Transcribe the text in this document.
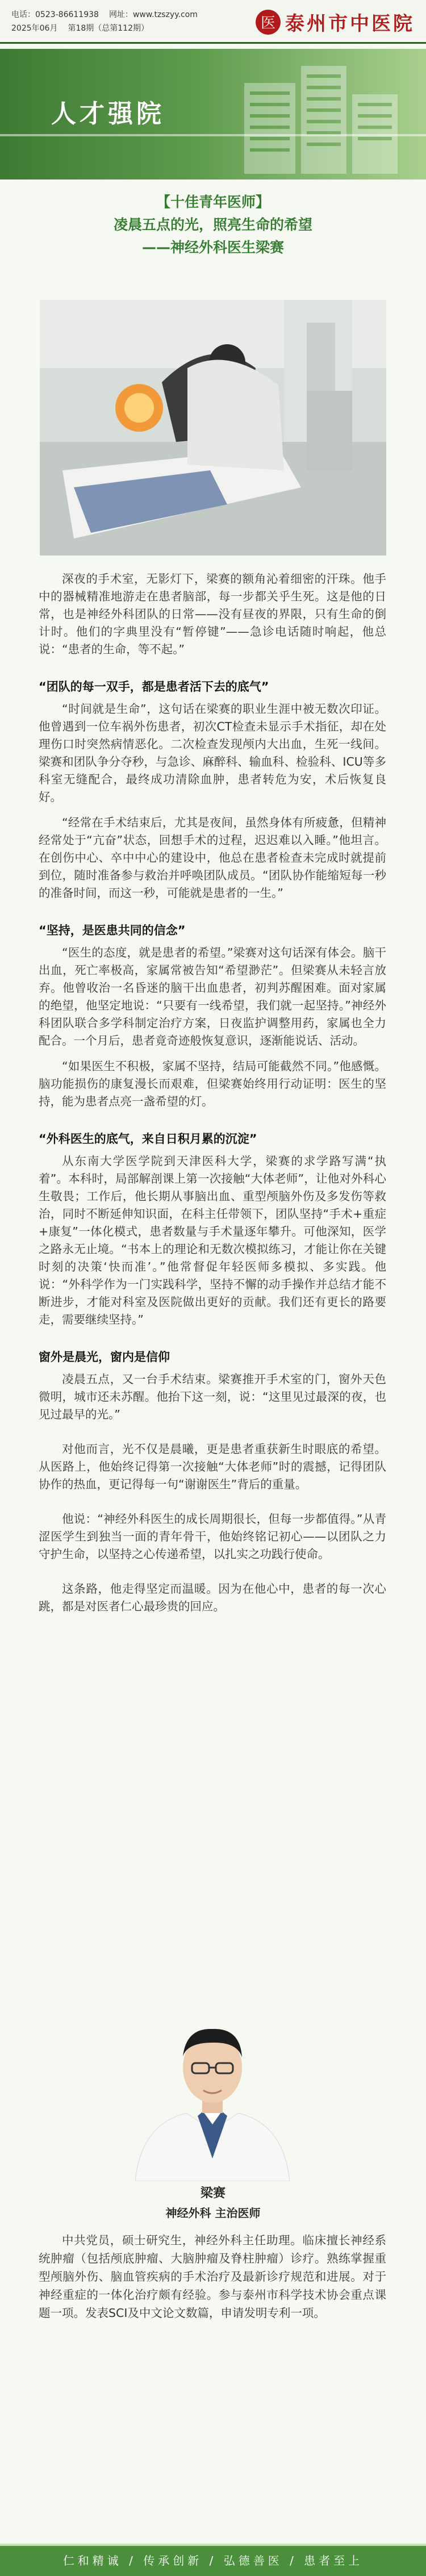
电话：0523-86611938 网址：www.tzszyy.com
2025年06月 第18期（总第112期）	医 泰州市中医院
人才强院
【十佳青年医师】
凌晨五点的光，照亮生命的希望
——神经外科医生梁赛

深夜的手术室，无影灯下，梁赛的额角沁着细密的汗珠。他手中的器械精准地游走在患者脑部，每一步都关乎生死。这是他的日常，也是神经外科团队的日常——没有昼夜的界限，只有生命的倒计时。他们的字典里没有“暂停键”——急诊电话随时响起，他总说：“患者的生命，等不起。”

“团队的每一双手，都是患者活下去的底气”

“时间就是生命”，这句话在梁赛的职业生涯中被无数次印证。他曾遇到一位车祸外伤患者，初次CT检查未显示手术指征，却在处理伤口时突然病情恶化。二次检查发现颅内大出血，生死一线间。梁赛和团队争分夺秒，与急诊、麻醉科、输血科、检验科、ICU等多科室无缝配合，最终成功清除血肿，患者转危为安，术后恢复良好。

“经常在手术结束后，尤其是夜间，虽然身体有所疲惫，但精神经常处于“亢奋”状态，回想手术的过程，迟迟难以入睡。”他坦言。在创伤中心、卒中中心的建设中，他总在患者检查未完成时就提前到位，随时准备参与救治并呼唤团队成员。“团队协作能缩短每一秒的准备时间，而这一秒，可能就是患者的一生。”

“坚持，是医患共同的信念”

“医生的态度，就是患者的希望。”梁赛对这句话深有体会。脑干出血，死亡率极高，家属常被告知“希望渺茫”。但梁赛从未轻言放弃。他曾收治一名昏迷的脑干出血患者，初判苏醒困难。面对家属的绝望，他坚定地说：“只要有一线希望，我们就一起坚持。”神经外科团队联合多学科制定治疗方案，日夜监护调整用药，家属也全力配合。一个月后，患者竟奇迹般恢复意识，逐渐能说话、活动。

“如果医生不积极，家属不坚持，结局可能截然不同。”他感慨。脑功能损伤的康复漫长而艰难，但梁赛始终用行动证明：医生的坚持，能为患者点亮一盏希望的灯。

“外科医生的底气，来自日积月累的沉淀”

从东南大学医学院到天津医科大学，梁赛的求学路写满“执着”。本科时，局部解剖课上第一次接触“大体老师”，让他对外科心生敬畏；工作后，他长期从事脑出血、重型颅脑外伤及多发伤等救治，同时不断延伸知识面，在科主任带领下，团队坚持“手术+重症+康复”一体化模式，患者数量与手术量逐年攀升。可他深知，医学之路永无止境。“书本上的理论和无数次模拟练习，才能让你在关键时刻的决策‘快而准’。”他常督促年轻医师多模拟、多实践。他说：“外科学作为一门实践科学，坚持不懈的动手操作并总结才能不断进步，才能对科室及医院做出更好的贡献。我们还有更长的路要走，需要继续坚持。”

窗外是晨光，窗内是信仰

凌晨五点，又一台手术结束。梁赛推开手术室的门，窗外天色微明，城市还未苏醒。他抬下这一刻，说：“这里见过最深的夜，也见过最早的光。”

对他而言，光不仅是晨曦，更是患者重获新生时眼底的希望。从医路上，他始终记得第一次接触“大体老师”时的震撼，记得团队协作的热血，更记得每一句“谢谢医生”背后的重量。

他说：“神经外科医生的成长周期很长，但每一步都值得。”从青涩医学生到独当一面的青年骨干，他始终铭记初心——以团队之力守护生命，以坚持之心传递希望，以扎实之功践行使命。

这条路，他走得坚定而温暖。因为在他心中，患者的每一次心跳，都是对医者仁心最珍贵的回应。

梁赛
神经外科 主治医师
中共党员，硕士研究生，神经外科主任助理。临床擅长神经系统肿瘤（包括颅底肿瘤、大脑肿瘤及脊柱肿瘤）诊疗。熟练掌握重型颅脑外伤、脑血管疾病的手术治疗及最新诊疗规范和进展。对于神经重症的一体化治疗颇有经验。参与泰州市科学技术协会重点课题一项。发表SCI及中文论文数篇，申请发明专利一项。
仁和精诚 / 传承创新 / 弘德善医 / 患者至上
